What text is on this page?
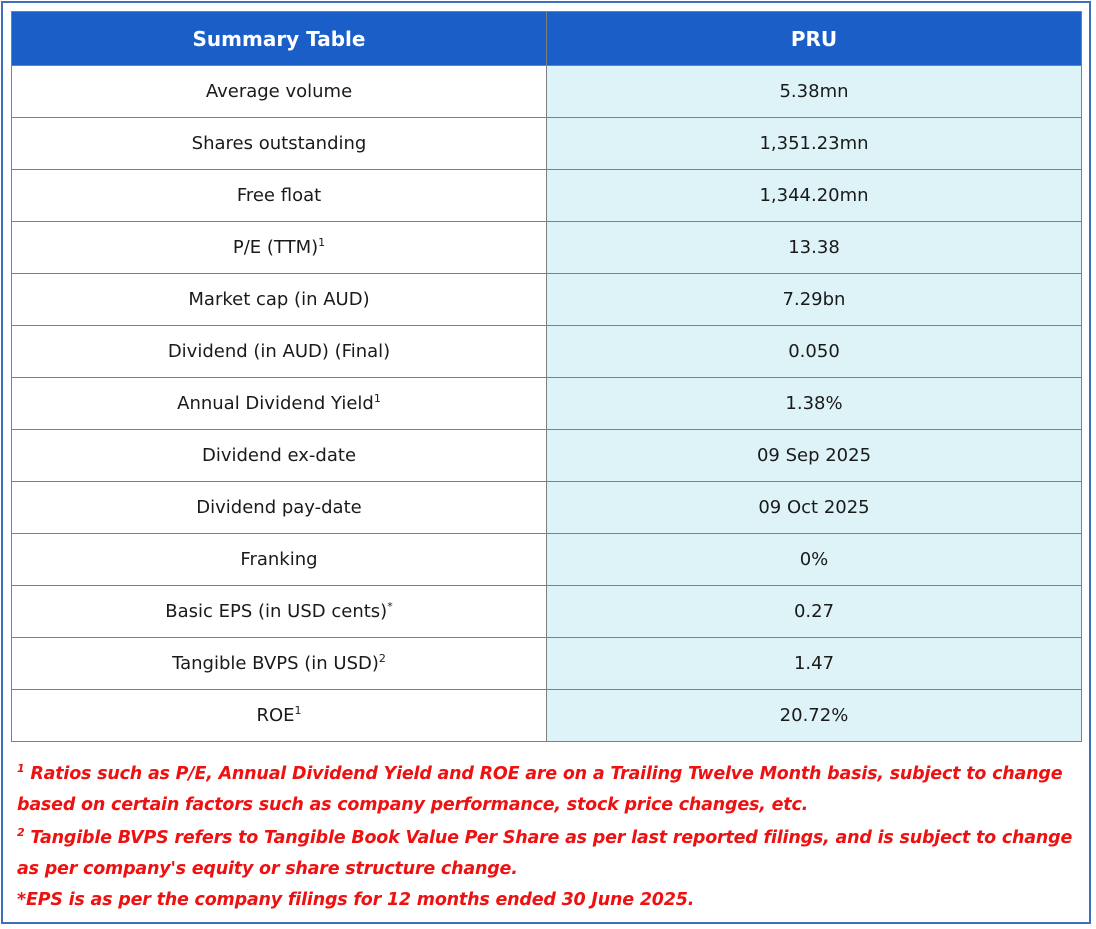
Summary Table	PRU
Average volume	5.38mn
Shares outstanding	1,351.23mn
Free float	1,344.20mn
P/E (TTM)$^1$	13.38
Market cap (in AUD)	7.29bn
Dividend (in AUD) (Final)	0.050
Annual Dividend Yield$^1$	1.38%
Dividend ex-date	09 Sep 2025
Dividend pay-date	09 Oct 2025
Franking	0%
Basic EPS (in USD cents)*	0.27
Tangible BVPS (in USD)$^2$	1.47
ROE$^1$	20.72%

$^1$ Ratios such as P/E, Annual Dividend Yield and ROE are on a Trailing Twelve Month basis, subject to change based on certain factors such as company performance, stock price changes, etc.

$^2$ Tangible BVPS refers to Tangible Book Value Per Share as per last reported filings, and is subject to change as per company's equity or share structure change.

*EPS is as per the company filings for 12 months ended 30 June 2025.
